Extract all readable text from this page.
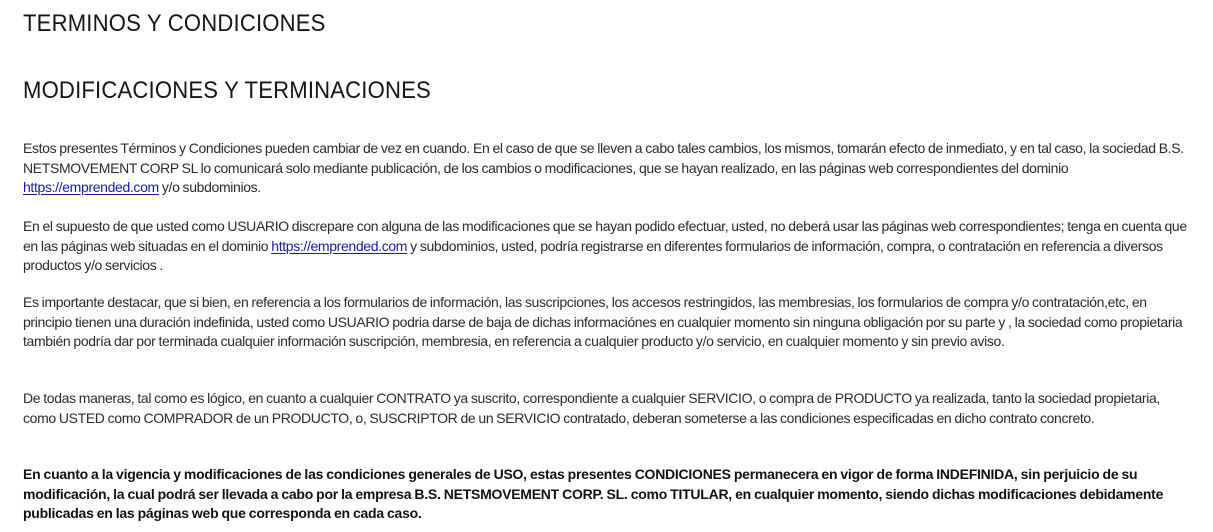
TERMINOS Y CONDICIONES
MODIFICACIONES Y TERMINACIONES

Estos presentes Términos y Condiciones pueden cambiar de vez en cuando. En el caso de que se lleven a cabo tales cambios, los mismos, tomarán efecto de inmediato, y en tal caso, la sociedad B.S. NETSMOVEMENT CORP SL lo comunicará solo mediante publicación, de los cambios o modificaciones, que se hayan realizado, en las páginas web correspondientes del dominio https://emprended.com y/o subdominios.

En el supuesto de que usted como USUARIO discrepare con alguna de las modificaciones que se hayan podido efectuar, usted, no deberá usar las páginas web correspondientes; tenga en cuenta que en las páginas web situadas en el dominio https://emprended.com y subdominios, usted, podría registrarse en diferentes formularios de información, compra, o contratación en referencia a diversos productos y/o servicios .

Es importante destacar, que si bien, en referencia a los formularios de información, las suscripciones, los accesos restringidos, las membresias, los formularios de compra y/o contratación,etc, en principio tienen una duración indefinida, usted como USUARIO podria darse de baja de dichas informaciónes en cualquier momento sin ninguna obligación por su parte y , la sociedad como propietaria también podría dar por terminada cualquier información suscripción, membresia, en referencia a cualquier producto y/o servicio, en cualquier momento y sin previo aviso.

De todas maneras, tal como es lógico, en cuanto a cualquier CONTRATO ya suscrito, correspondiente a cualquier SERVICIO, o compra de PRODUCTO ya realizada, tanto la sociedad propietaria, como USTED como COMPRADOR de un PRODUCTO, o, SUSCRIPTOR de un SERVICIO contratado, deberan someterse a las condiciones especificadas en dicho contrato concreto.

En cuanto a la vigencia y modificaciones de las condiciones generales de USO, estas presentes CONDICIONES permanecera en vigor de forma INDEFINIDA, sin perjuicio de su modificación, la cual podrá ser llevada a cabo por la empresa B.S. NETSMOVEMENT CORP. SL. como TITULAR, en cualquier momento, siendo dichas modificaciones debidamente publicadas en las páginas web que corresponda en cada caso.
